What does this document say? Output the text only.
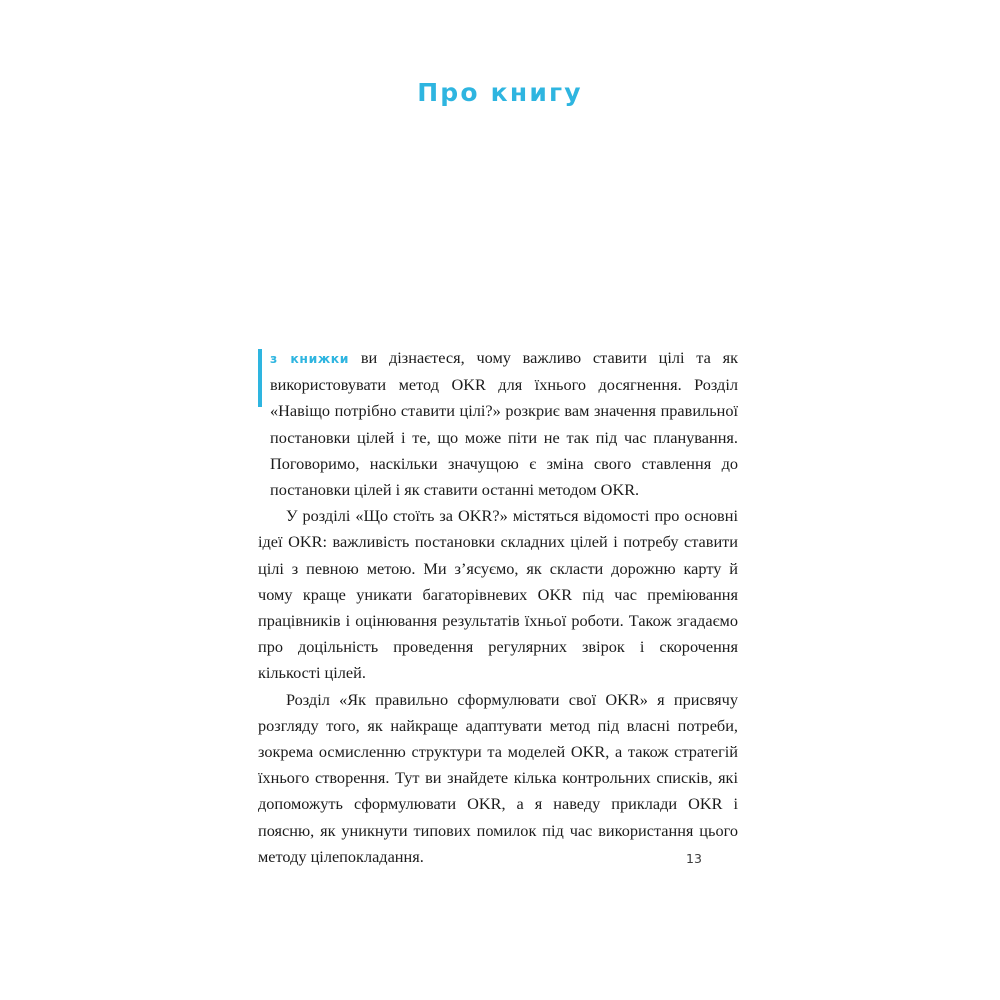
Про книгу

з книжки ви дізнаєтеся, чому важливо ставити цілі та як використовувати метод OKR для їхнього досягнення. Розділ «Навіщо потрібно ставити цілі?» розкриє вам значення правильної постановки цілей і те, що може піти не так під час планування. Поговоримо, наскільки значущою є зміна свого ставлення до постановки цілей і як ставити останні методом OKR.

У розділі «Що стоїть за OKR?» містяться відомості про основні ідеї OKR: важливість постановки складних цілей і потребу ставити цілі з певною метою. Ми з’ясуємо, як скласти дорожню карту й чому краще уникати багаторівневих OKR під час преміювання працівників і оцінювання результатів їхньої роботи. Також згадаємо про доцільність проведення регулярних звірок і скорочення кількості цілей.

Розділ «Як правильно сформулювати свої OKR» я присвячу розгляду того, як найкраще адаптувати метод під власні потреби, зокрема осмисленню структури та моделей OKR, а також стратегій їхнього створення. Тут ви знайдете кілька контрольних списків, які допоможуть сформулювати OKR, а я наведу приклади OKR і поясню, як уникнути типових помилок під час використання цього методу цілепокладання.	13
